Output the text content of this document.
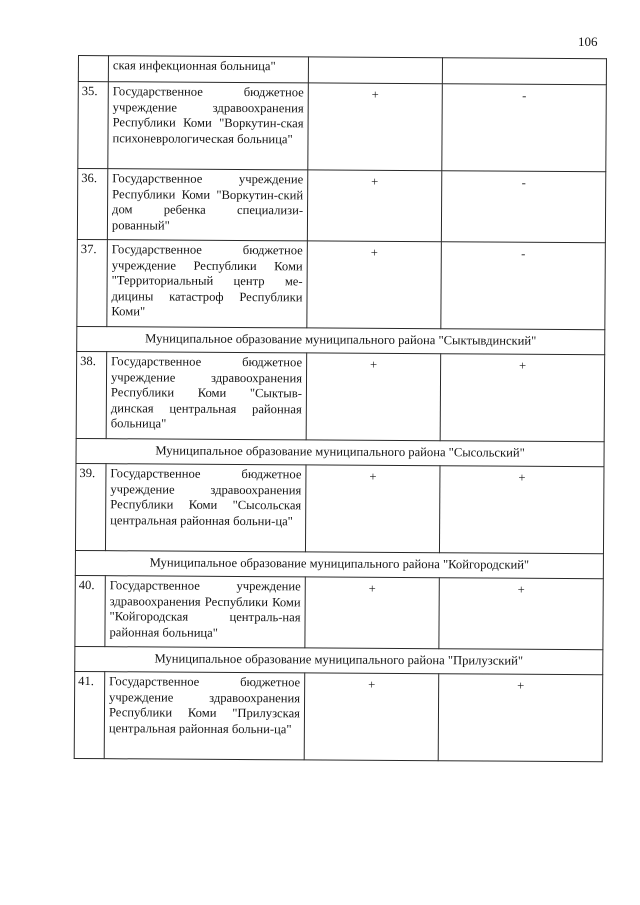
106
	ская инфекционная больница"		
35.	Государственное бюджетное учреждение здравоохранения Республики Коми "Воркутин-ская психоневрологическая больница"	+	-
36.	Государственное учреждение Республики Коми "Воркутин-ский дом ребенка специализи-рованный"	+	-
37.	Государственное бюджетное учреждение Республики Коми "Территориальный центр ме-дицины катастроф Республики Коми"	+	-
Муниципальное образование муниципального района "Сыктывдинский"			
38.	Государственное бюджетное учреждение здравоохранения Республики Коми "Сыктыв-динская центральная районная больница"	+	+
Муниципальное образование муниципального района "Сысольский"			
39.	Государственное бюджетное учреждение здравоохранения Республики Коми "Сысольская центральная районная больни-ца"	+	+
Муниципальное образование муниципального района "Койгородский"			
40.	Государственное учреждение здравоохранения Республики Коми "Койгородская централь-ная районная больница"	+	+
Муниципальное образование муниципального района "Прилузский"			
41.	Государственное бюджетное учреждение здравоохранения Республики Коми "Прилузская центральная районная больни-ца"	+	+
